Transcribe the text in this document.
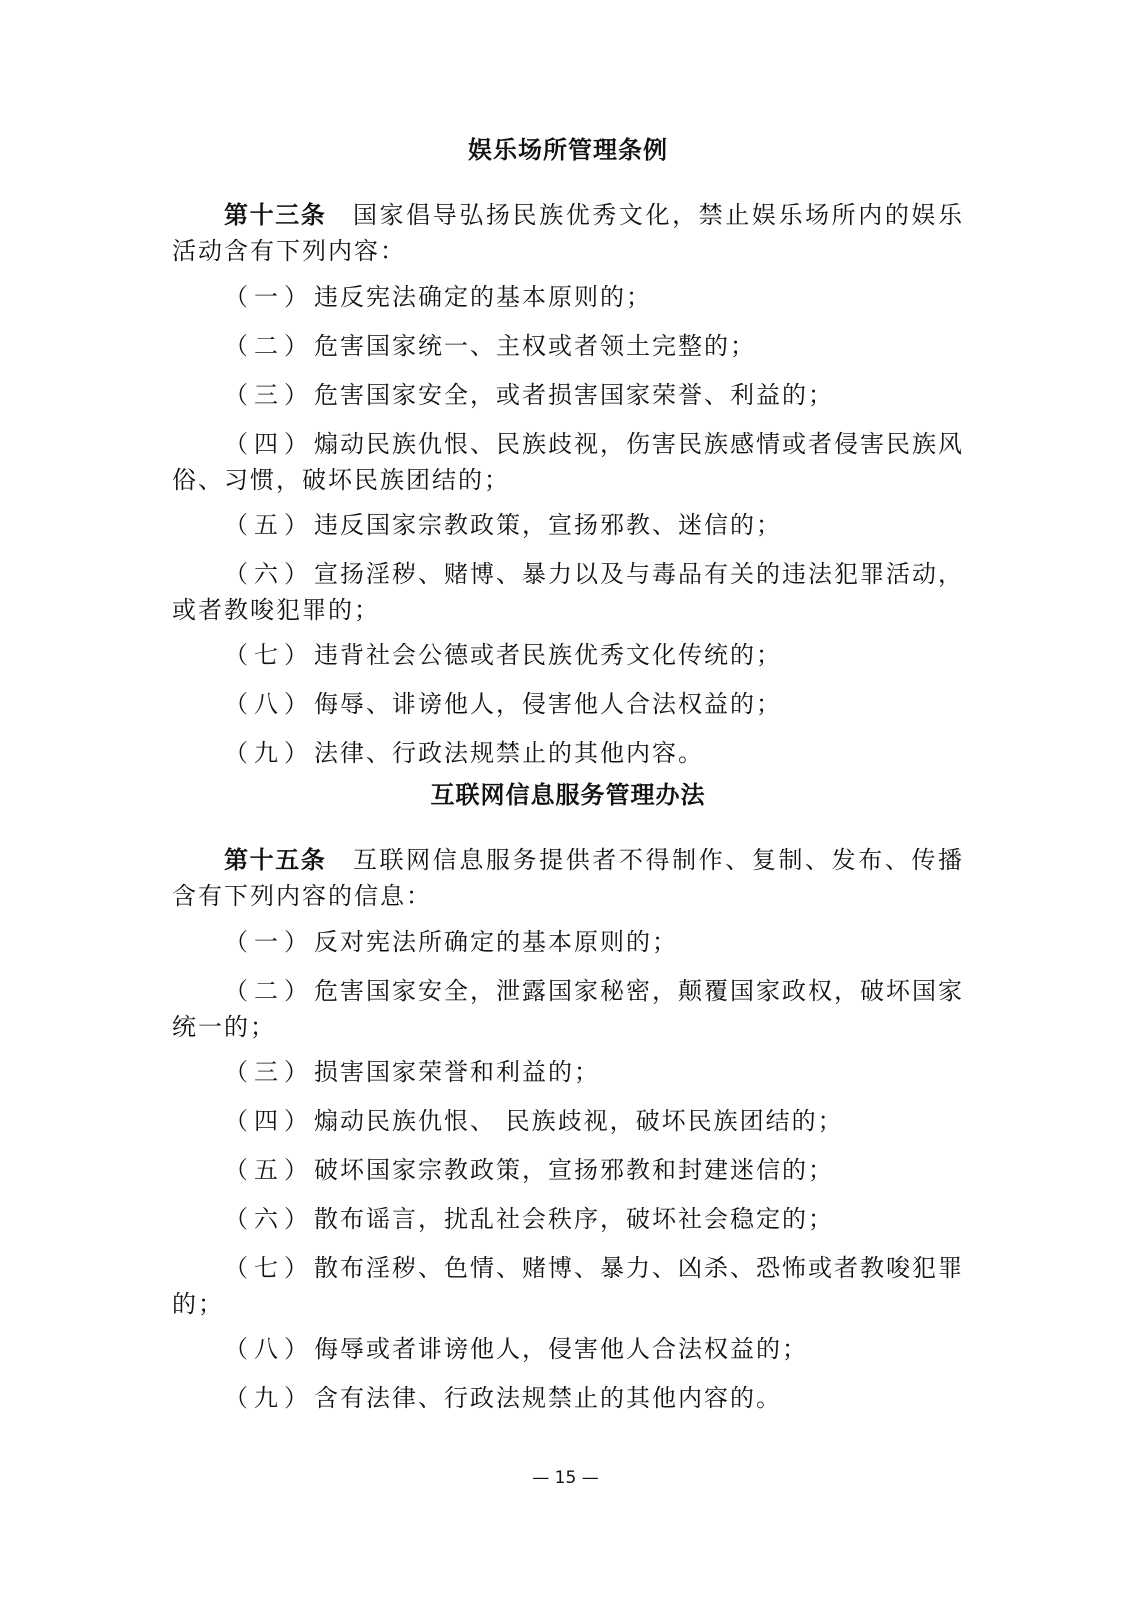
娱乐场所管理条例

第十三条 国家倡导弘扬民族优秀文化，禁止娱乐场所内的娱乐活动含有下列内容：

（一）违反宪法确定的基本原则的；

（二）危害国家统一、主权或者领土完整的；

（三）危害国家安全，或者损害国家荣誉、利益的；

（四）煽动民族仇恨、民族歧视，伤害民族感情或者侵害民族风俗、习惯，破坏民族团结的；

（五）违反国家宗教政策，宣扬邪教、迷信的；

（六）宣扬淫秽、赌博、暴力以及与毒品有关的违法犯罪活动，或者教唆犯罪的；

（七）违背社会公德或者民族优秀文化传统的；

（八）侮辱、诽谤他人，侵害他人合法权益的；

（九）法律、行政法规禁止的其他内容。

互联网信息服务管理办法

第十五条 互联网信息服务提供者不得制作、复制、发布、传播含有下列内容的信息：

（一）反对宪法所确定的基本原则的；

（二）危害国家安全，泄露国家秘密，颠覆国家政权，破坏国家统一的；

（三）损害国家荣誉和利益的；

（四）煽动民族仇恨、 民族歧视，破坏民族团结的；

（五）破坏国家宗教政策，宣扬邪教和封建迷信的；

（六）散布谣言，扰乱社会秩序，破坏社会稳定的；

（七）散布淫秽、色情、赌博、暴力、凶杀、恐怖或者教唆犯罪的；

（八）侮辱或者诽谤他人，侵害他人合法权益的；

（九）含有法律、行政法规禁止的其他内容的。

— 15 —
